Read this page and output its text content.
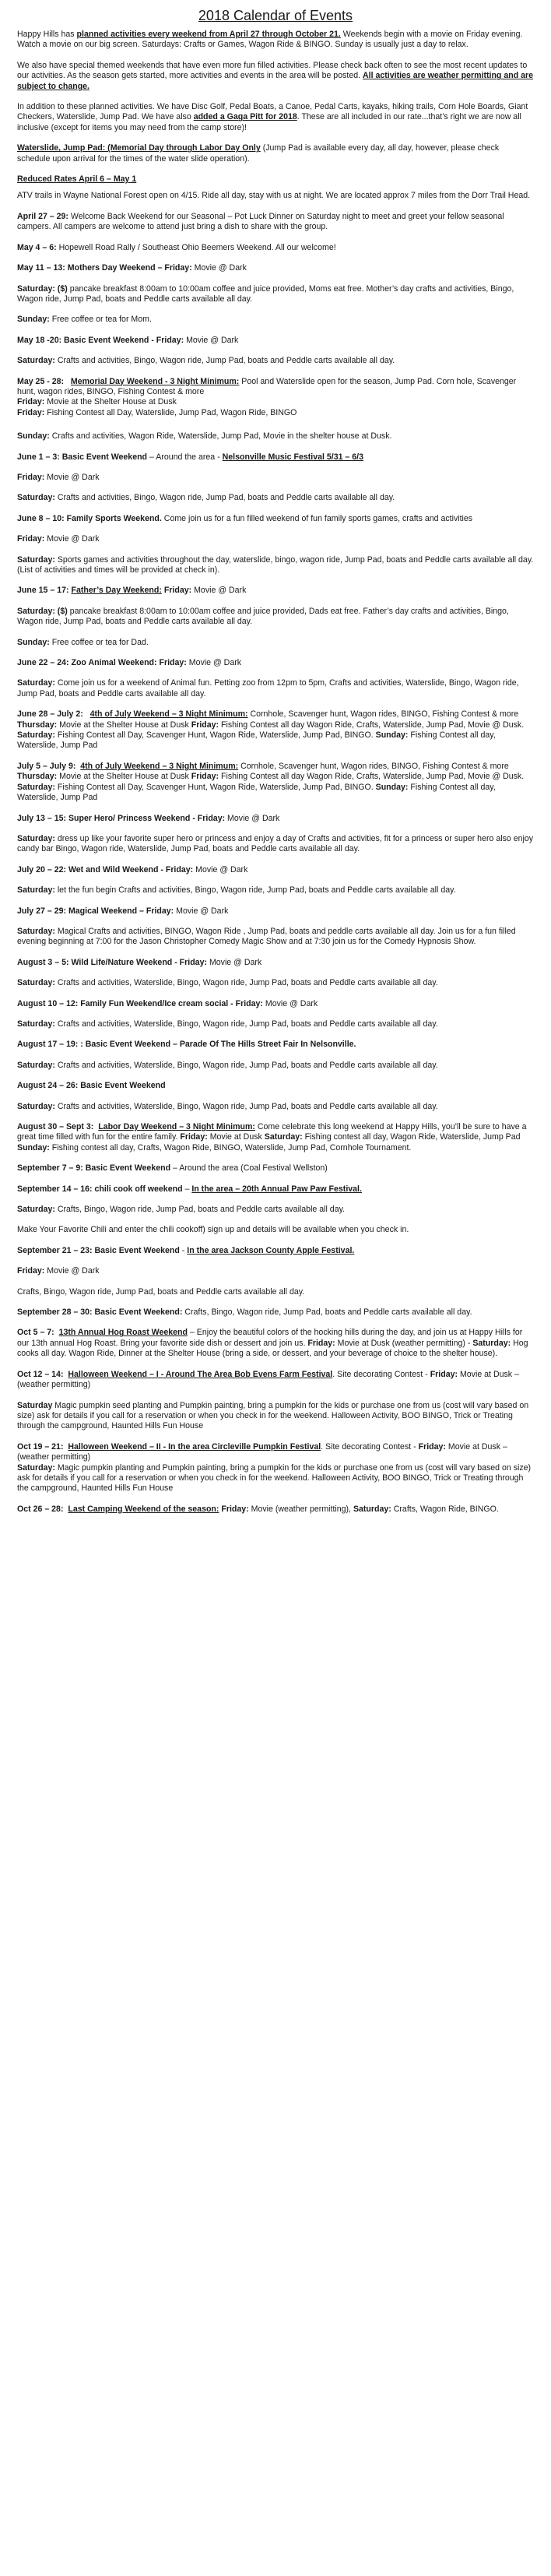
2018 Calendar of Events

Happy Hills has planned activities every weekend from April 27 through October 21. Weekends begin with a movie on Friday evening. Watch a movie on our big screen. Saturdays: Crafts or Games, Wagon Ride & BINGO. Sunday is usually just a day to relax.

We also have special themed weekends that have even more fun filled activities. Please check back often to see the most recent updates to our activities. As the season gets started, more activities and events in the area will be posted. All activities are weather permitting and are subject to change.

In addition to these planned activities. We have Disc Golf, Pedal Boats, a Canoe, Pedal Carts, kayaks, hiking trails, Corn Hole Boards, Giant Checkers, Waterslide, Jump Pad. We have also added a Gaga Pitt for 2018. These are all included in our rate...that’s right we are now all inclusive (except for items you may need from the camp store)!

Waterslide, Jump Pad: (Memorial Day through Labor Day Only (Jump Pad is available every day, all day, however, please check schedule upon arrival for the times of the water slide operation).

Reduced Rates April 6 – May 1

ATV trails in Wayne National Forest open on 4/15. Ride all day, stay with us at night. We are located approx 7 miles from the Dorr Trail Head.

April 27 – 29: Welcome Back Weekend for our Seasonal – Pot Luck Dinner on Saturday night to meet and greet your fellow seasonal campers. All campers are welcome to attend just bring a dish to share with the group.

May 4 – 6: Hopewell Road Rally / Southeast Ohio Beemers Weekend. All our welcome!

May 11 – 13: Mothers Day Weekend – Friday: Movie @ Dark

Saturday: ($) pancake breakfast 8:00am to 10:00am coffee and juice provided, Moms eat free. Mother’s day crafts and activities, Bingo, Wagon ride, Jump Pad, boats and Peddle carts available all day.

Sunday: Free coffee or tea for Mom.

May 18 -20: Basic Event Weekend - Friday: Movie @ Dark

Saturday: Crafts and activities, Bingo, Wagon ride, Jump Pad, boats and Peddle carts available all day.

May 25 - 28: Memorial Day Weekend - 3 Night Minimum: Pool and Waterslide open for the season, Jump Pad. Corn hole, Scavenger hunt, wagon rides, BINGO, Fishing Contest & more
Friday: Movie at the Shelter House at Dusk
Friday: Fishing Contest all Day, Waterslide, Jump Pad, Wagon Ride, BINGO

Sunday: Crafts and activities, Wagon Ride, Waterslide, Jump Pad, Movie in the shelter house at Dusk.

June 1 – 3: Basic Event Weekend – Around the area - Nelsonville Music Festival 5/31 – 6/3

Friday: Movie @ Dark

Saturday: Crafts and activities, Bingo, Wagon ride, Jump Pad, boats and Peddle carts available all day.

June 8 – 10: Family Sports Weekend. Come join us for a fun filled weekend of fun family sports games, crafts and activities

Friday: Movie @ Dark

Saturday: Sports games and activities throughout the day, waterslide, bingo, wagon ride, Jump Pad, boats and Peddle carts available all day. (List of activities and times will be provided at check in).

June 15 – 17: Father’s Day Weekend: Friday: Movie @ Dark

Saturday: ($) pancake breakfast 8:00am to 10:00am coffee and juice provided, Dads eat free. Father’s day crafts and activities, Bingo, Wagon ride, Jump Pad, boats and Peddle carts available all day.

Sunday: Free coffee or tea for Dad.

June 22 – 24: Zoo Animal Weekend: Friday: Movie @ Dark

Saturday: Come join us for a weekend of Animal fun. Petting zoo from 12pm to 5pm, Crafts and activities, Waterslide, Bingo, Wagon ride, Jump Pad, boats and Peddle carts available all day.

June 28 – July 2: 4th of July Weekend – 3 Night Minimum: Cornhole, Scavenger hunt, Wagon rides, BINGO, Fishing Contest & more
Thursday: Movie at the Shelter House at Dusk Friday: Fishing Contest all day Wagon Ride, Crafts, Waterslide, Jump Pad, Movie @ Dusk. Saturday: Fishing Contest all Day, Scavenger Hunt, Wagon Ride, Waterslide, Jump Pad, BINGO. Sunday: Fishing Contest all day, Waterslide, Jump Pad

July 5 – July 9: 4th of July Weekend – 3 Night Minimum: Cornhole, Scavenger hunt, Wagon rides, BINGO, Fishing Contest & more
Thursday: Movie at the Shelter House at Dusk Friday: Fishing Contest all day Wagon Ride, Crafts, Waterslide, Jump Pad, Movie @ Dusk. Saturday: Fishing Contest all Day, Scavenger Hunt, Wagon Ride, Waterslide, Jump Pad, BINGO. Sunday: Fishing Contest all day, Waterslide, Jump Pad

July 13 – 15: Super Hero/ Princess Weekend - Friday: Movie @ Dark

Saturday: dress up like your favorite super hero or princess and enjoy a day of Crafts and activities, fit for a princess or super hero also enjoy candy bar Bingo, Wagon ride, Waterslide, Jump Pad, boats and Peddle carts available all day.

July 20 – 22: Wet and Wild Weekend - Friday: Movie @ Dark

Saturday: let the fun begin Crafts and activities, Bingo, Wagon ride, Jump Pad, boats and Peddle carts available all day.

July 27 – 29: Magical Weekend – Friday: Movie @ Dark

Saturday: Magical Crafts and activities, BINGO, Wagon Ride , Jump Pad, boats and peddle carts available all day. Join us for a fun filled evening beginning at 7:00 for the Jason Christopher Comedy Magic Show and at 7:30 join us for the Comedy Hypnosis Show.

August 3 – 5: Wild Life/Nature Weekend - Friday: Movie @ Dark

Saturday: Crafts and activities, Waterslide, Bingo, Wagon ride, Jump Pad, boats and Peddle carts available all day.

August 10 – 12: Family Fun Weekend/Ice cream social - Friday: Movie @ Dark

Saturday: Crafts and activities, Waterslide, Bingo, Wagon ride, Jump Pad, boats and Peddle carts available all day.

August 17 – 19: : Basic Event Weekend – Parade Of The Hills Street Fair In Nelsonville.

Saturday: Crafts and activities, Waterslide, Bingo, Wagon ride, Jump Pad, boats and Peddle carts available all day.

August 24 – 26: Basic Event Weekend

Saturday: Crafts and activities, Waterslide, Bingo, Wagon ride, Jump Pad, boats and Peddle carts available all day.

August 30 – Sept 3: Labor Day Weekend – 3 Night Minimum: Come celebrate this long weekend at Happy Hills, you’ll be sure to have a great time filled with fun for the entire family. Friday: Movie at Dusk Saturday: Fishing contest all day, Wagon Ride, Waterslide, Jump Pad Sunday: Fishing contest all day, Crafts, Wagon Ride, BINGO, Waterslide, Jump Pad, Cornhole Tournament.

September 7 – 9: Basic Event Weekend – Around the area (Coal Festival Wellston)

September 14 – 16: chili cook off weekend – In the area – 20th Annual Paw Paw Festival.

Saturday: Crafts, Bingo, Wagon ride, Jump Pad, boats and Peddle carts available all day.

Make Your Favorite Chili and enter the chili cookoff) sign up and details will be available when you check in.

September 21 – 23: Basic Event Weekend - In the area Jackson County Apple Festival.

Friday: Movie @ Dark

Crafts, Bingo, Wagon ride, Jump Pad, boats and Peddle carts available all day.

September 28 – 30: Basic Event Weekend: Crafts, Bingo, Wagon ride, Jump Pad, boats and Peddle carts available all day.

Oct 5 – 7: 13th Annual Hog Roast Weekend – Enjoy the beautiful colors of the hocking hills during the day, and join us at Happy Hills for our 13th annual Hog Roast. Bring your favorite side dish or dessert and join us. Friday: Movie at Dusk (weather permitting) - Saturday: Hog cooks all day. Wagon Ride, Dinner at the Shelter House (bring a side, or dessert, and your beverage of choice to the shelter house).

Oct 12 – 14: Halloween Weekend – I - Around The Area Bob Evens Farm Festival. Site decorating Contest - Friday: Movie at Dusk – (weather permitting)

Saturday Magic pumpkin seed planting and Pumpkin painting, bring a pumpkin for the kids or purchase one from us (cost will vary based on size) ask for details if you call for a reservation or when you check in for the weekend. Halloween Activity, BOO BINGO, Trick or Treating through the campground, Haunted Hills Fun House

Oct 19 – 21: Halloween Weekend – II - In the area Circleville Pumpkin Festival. Site decorating Contest - Friday: Movie at Dusk – (weather permitting)
Saturday: Magic pumpkin planting and Pumpkin painting, bring a pumpkin for the kids or purchase one from us (cost will vary based on size) ask for details if you call for a reservation or when you check in for the weekend. Halloween Activity, BOO BINGO, Trick or Treating through the campground, Haunted Hills Fun House

Oct 26 – 28: Last Camping Weekend of the season: Friday: Movie (weather permitting), Saturday: Crafts, Wagon Ride, BINGO.
